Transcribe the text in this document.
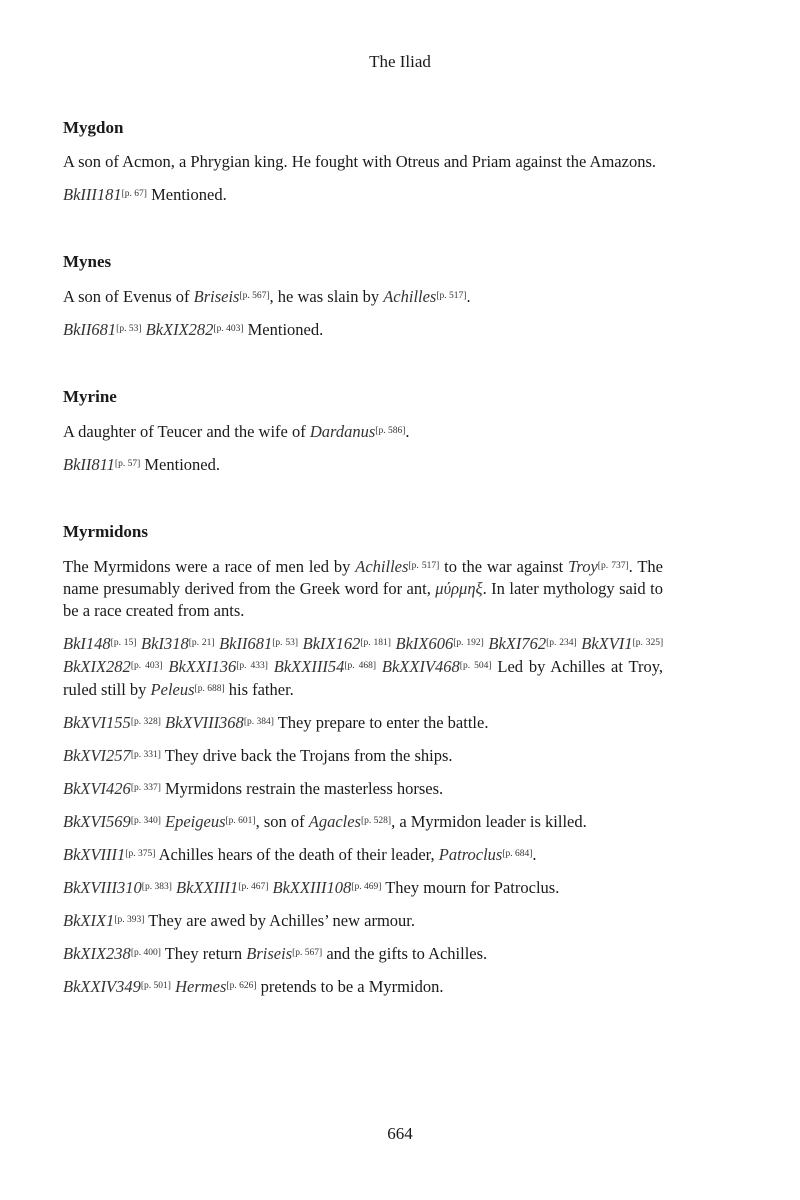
The Iliad
Mygdon

A son of Acmon, a Phrygian king. He fought with Otreus and Priam against the Amazons.

BkIII181[p. 67] Mentioned.

Mynes

A son of Evenus of Briseis[p. 567], he was slain by Achilles[p. 517].

BkII681[p. 53] BkXIX282[p. 403] Mentioned.

Myrine

A daughter of Teucer and the wife of Dardanus[p. 586].

BkII811[p. 57] Mentioned.

Myrmidons

The Myrmidons were a race of men led by Achilles[p. 517] to the war against Troy[p. 737]. The name presumably derived from the Greek word for ant, μύρμηξ. In later mythology said to be a race created from ants.

BkI148[p. 15] BkI318[p. 21] BkII681[p. 53] BkIX162[p. 181] BkIX606[p. 192] BkXI762[p. 234] BkXVI1[p. 325] BkXIX282[p. 403] BkXXI136[p. 433] BkXXIII54[p. 468] BkXXIV468[p. 504] Led by Achilles at Troy, ruled still by Peleus[p. 688] his father.

BkXVI155[p. 328] BkXVIII368[p. 384] They prepare to enter the battle.

BkXVI257[p. 331] They drive back the Trojans from the ships.

BkXVI426[p. 337] Myrmidons restrain the masterless horses.

BkXVI569[p. 340] Epeigeus[p. 601], son of Agacles[p. 528], a Myrmidon leader is killed.

BkXVIII1[p. 375] Achilles hears of the death of their leader, Patroclus[p. 684].

BkXVIII310[p. 383] BkXXIII1[p. 467] BkXXIII108[p. 469] They mourn for Patroclus.

BkXIX1[p. 393] They are awed by Achilles’ new armour.

BkXIX238[p. 400] They return Briseis[p. 567] and the gifts to Achilles.

BkXXIV349[p. 501] Hermes[p. 626] pretends to be a Myrmidon.

664
